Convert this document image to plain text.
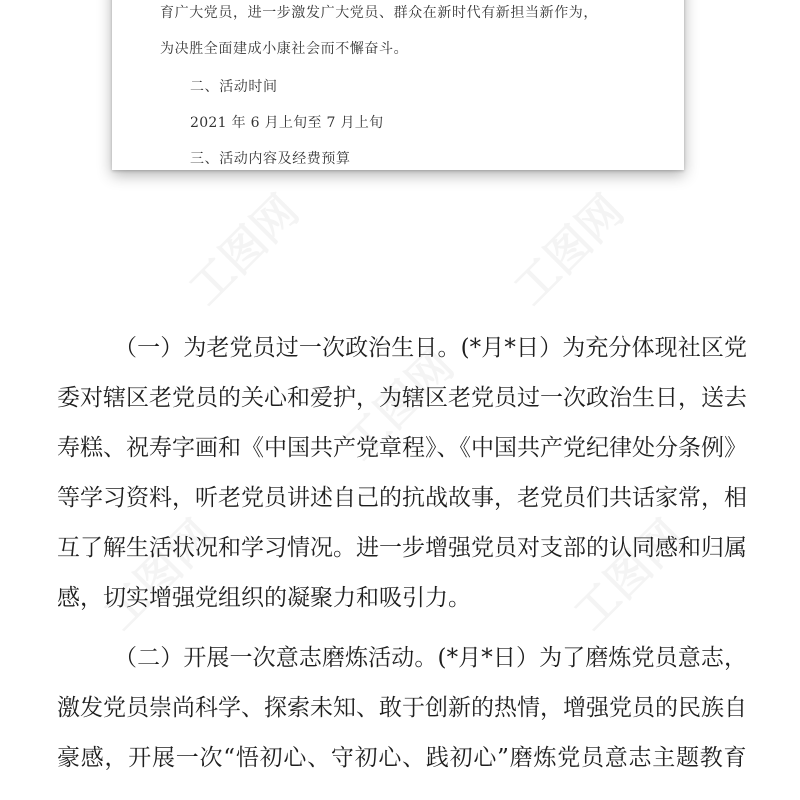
育广大党员，进一步激发广大党员、群众在新时代有新担当新作为，
为决胜全面建成小康社会而不懈奋斗。
二、活动时间
2021 年 6 月上旬至 7 月上旬
三、活动内容及经费预算
（一）为老党员过一次政治生日。(*月*日）为充分体现社区党
委对辖区老党员的关心和爱护，为辖区老党员过一次政治生日，送去
寿糕、祝寿字画和《中国共产党章程》、《中国共产党纪律处分条例》
等学习资料，听老党员讲述自己的抗战故事，老党员们共话家常，相
互了解生活状况和学习情况。进一步增强党员对支部的认同感和归属
感，切实增强党组织的凝聚力和吸引力。
（二）开展一次意志磨炼活动。(*月*日）为了磨炼党员意志，
激发党员崇尚科学、探索未知、敢于创新的热情，增强党员的民族自
豪感，开展一次“悟初心、守初心、践初心”磨炼党员意志主题教育
